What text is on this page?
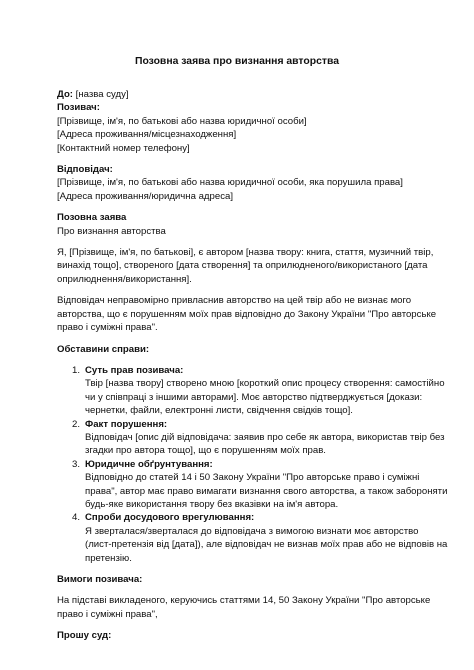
Позовна заява про визнання авторства
До: [назва суду]
Позивач:
[Прізвище, ім'я, по батькові або назва юридичної особи]
[Адреса проживання/місцезнаходження]
[Контактний номер телефону]
Відповідач:
[Прізвище, ім'я, по батькові або назва юридичної особи, яка порушила права]
[Адреса проживання/юридична адреса]
Позовна заява
Про визнання авторства
Я, [Прізвище, ім'я, по батькові], є автором [назва твору: книга, стаття, музичний твір,
винахід тощо], створеного [дата створення] та оприлюдненого/використаного [дата
оприлюднення/використання].
Відповідач неправомірно привласнив авторство на цей твір або не визнає мого
авторства, що є порушенням моїх прав відповідно до Закону України "Про авторське
право і суміжні права".
Обставини справи:
1. Суть прав позивача:
Твір [назва твору] створено мною [короткий опис процесу створення: самостійно
чи у співпраці з іншими авторами]. Моє авторство підтверджується [докази:
чернетки, файли, електронні листи, свідчення свідків тощо].
2. Факт порушення:
Відповідач [опис дій відповідача: заявив про себе як автора, використав твір без
згадки про автора тощо], що є порушенням моїх прав.
3. Юридичне обґрунтування:
Відповідно до статей 14 і 50 Закону України "Про авторське право і суміжні
права", автор має право вимагати визнання свого авторства, а також забороняти
будь-яке використання твору без вказівки на ім'я автора.
4. Спроби досудового врегулювання:
Я зверталася/зверталася до відповідача з вимогою визнати моє авторство
(лист-претензія від [дата]), але відповідач не визнав моїх прав або не відповів на
претензію.
Вимоги позивача:
На підставі викладеного, керуючись статтями 14, 50 Закону України "Про авторське
право і суміжні права",
Прошу суд:
